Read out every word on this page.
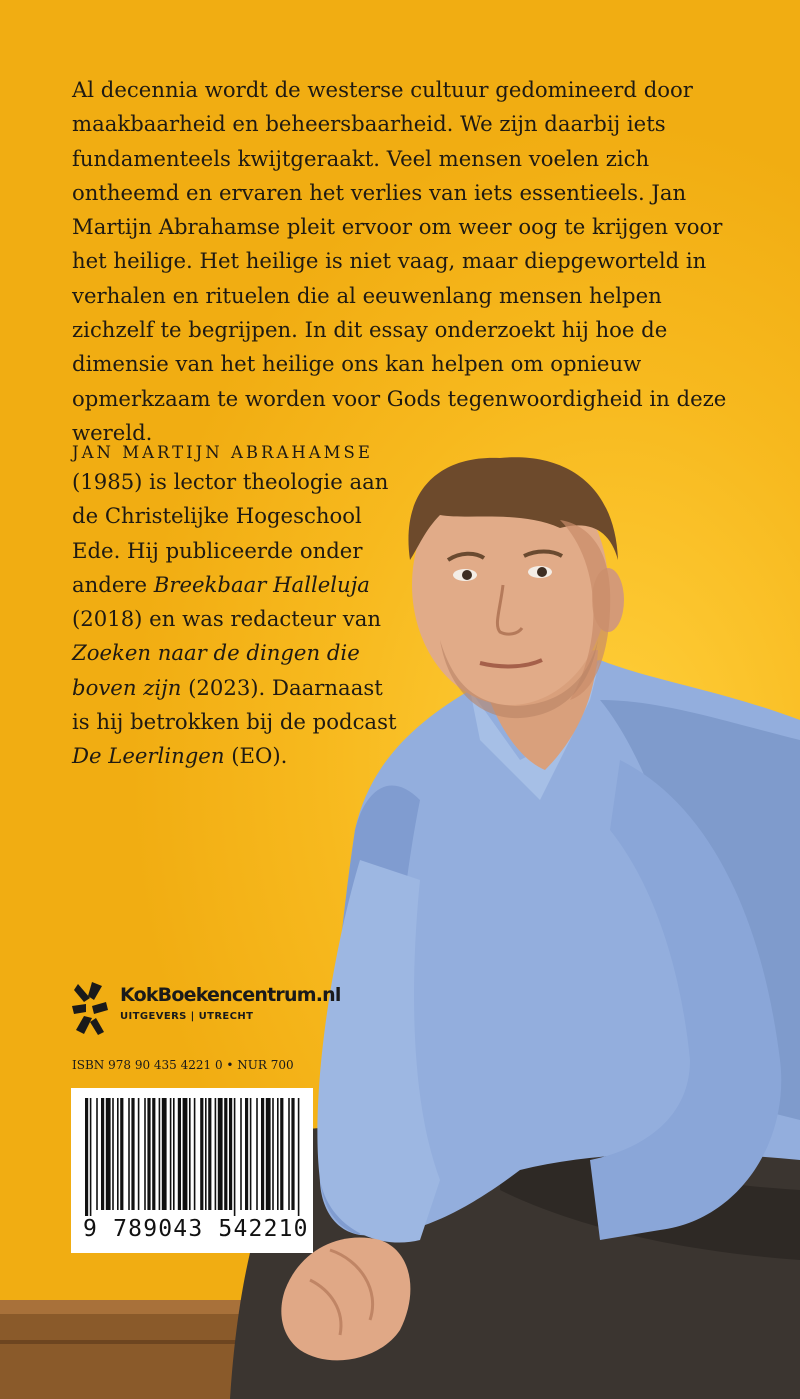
Al decennia wordt de westerse cultuur gedomineerd door maakbaarheid en beheersbaarheid. We zijn daarbij iets fundamenteels kwijtgeraakt. Veel mensen voelen zich ontheemd en ervaren het verlies van iets essentieels. Jan Martijn Abrahamse pleit ervoor om weer oog te krijgen voor het heilige. Het heilige is niet vaag, maar diepgeworteld in verhalen en rituelen die al eeuwenlang mensen helpen zichzelf te begrijpen. In dit essay onderzoekt hij hoe de dimensie van het heilige ons kan helpen om opnieuw opmerkzaam te worden voor Gods tegenwoordigheid in deze wereld.

JAN MARTIJN ABRAHAMSE

(1985) is lector theologie aan de Christelijke Hogeschool Ede. Hij publiceerde onder andere Breekbaar Halleluja (2018) en was redacteur van Zoeken naar de dingen die boven zijn (2023). Daarnaast is hij betrokken bij de podcast De Leerlingen (EO).

KokBoekencentrum.nl
UITGEVERS | UTRECHT
ISBN 978 90 435 4221 0 • NUR 700
9 789043 542210
